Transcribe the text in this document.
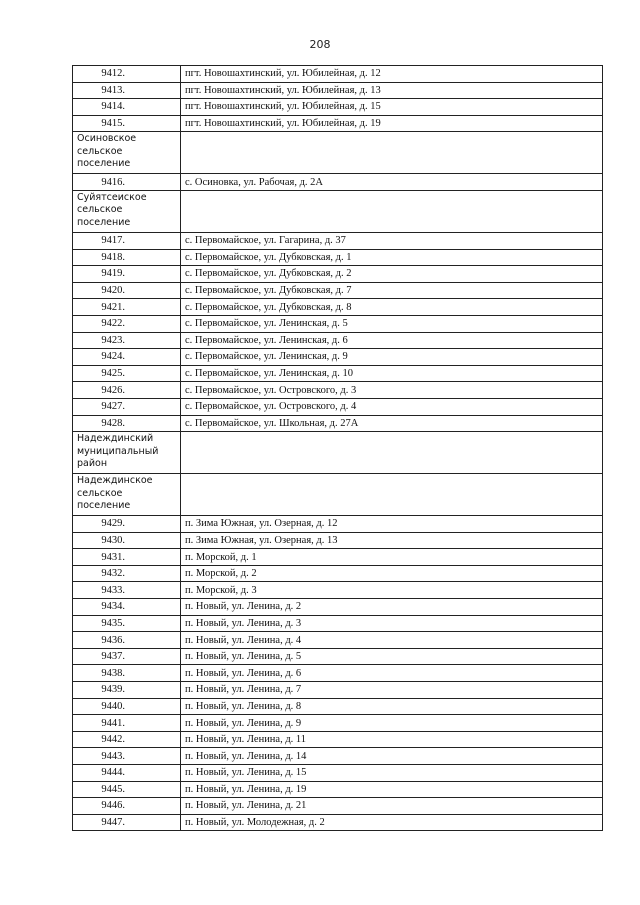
208
9412.	пгт. Новошахтинский, ул. Юбилейная, д. 12
9413.	пгт. Новошахтинский, ул. Юбилейная, д. 13
9414.	пгт. Новошахтинский, ул. Юбилейная, д. 15
9415.	пгт. Новошахтинский, ул. Юбилейная, д. 19
Осиновское сельское поселение	
9416.	с. Осиновка, ул. Рабочая, д. 2А
Суйятсеиское сельское поселение	
9417.	с. Первомайское, ул. Гагарина, д. 37
9418.	с. Первомайское, ул. Дубковская, д. 1
9419.	с. Первомайское, ул. Дубковская, д. 2
9420.	с. Первомайское, ул. Дубковская, д. 7
9421.	с. Первомайское, ул. Дубковская, д. 8
9422.	с. Первомайское, ул. Ленинская, д. 5
9423.	с. Первомайское, ул. Ленинская, д. 6
9424.	с. Первомайское, ул. Ленинская, д. 9
9425.	с. Первомайское, ул. Ленинская, д. 10
9426.	с. Первомайское, ул. Островского, д. 3
9427.	с. Первомайское, ул. Островского, д. 4
9428.	с. Первомайское, ул. Школьная, д. 27А
Надеждинский муниципальный район	
Надеждинское сельское поселение	
9429.	п. Зима Южная, ул. Озерная, д. 12
9430.	п. Зима Южная, ул. Озерная, д. 13
9431.	п. Морской, д. 1
9432.	п. Морской, д. 2
9433.	п. Морской, д. 3
9434.	п. Новый, ул. Ленина, д. 2
9435.	п. Новый, ул. Ленина, д. 3
9436.	п. Новый, ул. Ленина, д. 4
9437.	п. Новый, ул. Ленина, д. 5
9438.	п. Новый, ул. Ленина, д. 6
9439.	п. Новый, ул. Ленина, д. 7
9440.	п. Новый, ул. Ленина, д. 8
9441.	п. Новый, ул. Ленина, д. 9
9442.	п. Новый, ул. Ленина, д. 11
9443.	п. Новый, ул. Ленина, д. 14
9444.	п. Новый, ул. Ленина, д. 15
9445.	п. Новый, ул. Ленина, д. 19
9446.	п. Новый, ул. Ленина, д. 21
9447.	п. Новый, ул. Молодежная, д. 2
